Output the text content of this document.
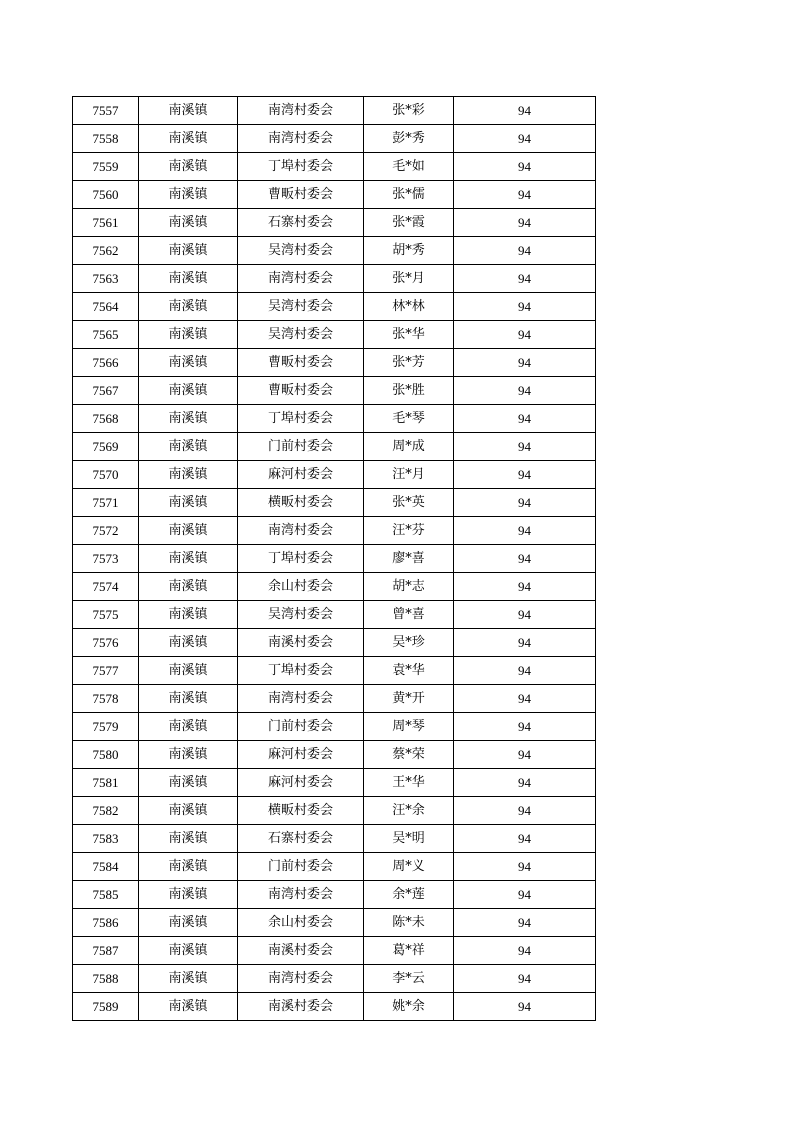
7557	南溪镇	南湾村委会	张*彩	94
7558	南溪镇	南湾村委会	彭*秀	94
7559	南溪镇	丁埠村委会	毛*如	94
7560	南溪镇	曹畈村委会	张*儒	94
7561	南溪镇	石寨村委会	张*霞	94
7562	南溪镇	吴湾村委会	胡*秀	94
7563	南溪镇	南湾村委会	张*月	94
7564	南溪镇	吴湾村委会	林*林	94
7565	南溪镇	吴湾村委会	张*华	94
7566	南溪镇	曹畈村委会	张*芳	94
7567	南溪镇	曹畈村委会	张*胜	94
7568	南溪镇	丁埠村委会	毛*琴	94
7569	南溪镇	门前村委会	周*成	94
7570	南溪镇	麻河村委会	汪*月	94
7571	南溪镇	横畈村委会	张*英	94
7572	南溪镇	南湾村委会	汪*芬	94
7573	南溪镇	丁埠村委会	廖*喜	94
7574	南溪镇	余山村委会	胡*志	94
7575	南溪镇	吴湾村委会	曾*喜	94
7576	南溪镇	南溪村委会	吴*珍	94
7577	南溪镇	丁埠村委会	袁*华	94
7578	南溪镇	南湾村委会	黄*开	94
7579	南溪镇	门前村委会	周*琴	94
7580	南溪镇	麻河村委会	蔡*荣	94
7581	南溪镇	麻河村委会	王*华	94
7582	南溪镇	横畈村委会	汪*余	94
7583	南溪镇	石寨村委会	吴*明	94
7584	南溪镇	门前村委会	周*义	94
7585	南溪镇	南湾村委会	余*莲	94
7586	南溪镇	余山村委会	陈*未	94
7587	南溪镇	南溪村委会	葛*祥	94
7588	南溪镇	南湾村委会	李*云	94
7589	南溪镇	南溪村委会	姚*余	94
